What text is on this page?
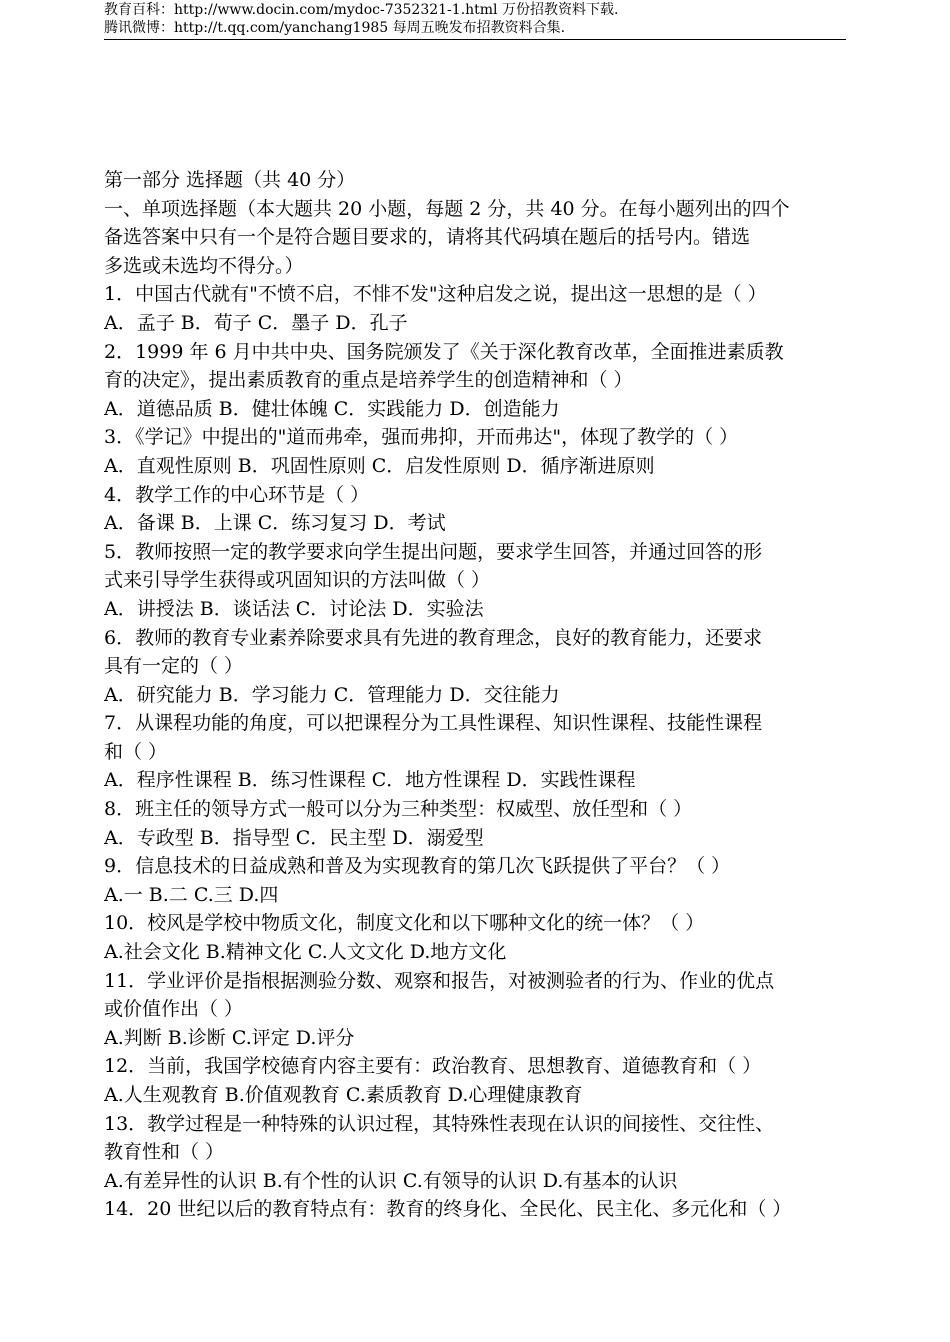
教育百科：http://www.docin.com/mydoc-7352321-1.html 万份招教资料下载.
腾讯微博：http://t.qq.com/yanchang1985 每周五晚发布招教资料合集.
第一部分 选择题（共 40 分）
一、单项选择题（本大题共 20 小题，每题 2 分，共 40 分。在每小题列出的四个
备选答案中只有一个是符合题目要求的，请将其代码填在题后的括号内。错选
多选或未选均不得分。）
1．中国古代就有"不愤不启，不悱不发"这种启发之说，提出这一思想的是（ ）
A．孟子 B．荀子 C．墨子 D．孔子
2．1999 年 6 月中共中央、国务院颁发了《关于深化教育改革，全面推进素质教
育的决定》，提出素质教育的重点是培养学生的创造精神和（ ）
A．道德品质 B．健壮体魄 C．实践能力 D．创造能力
3．《学记》中提出的"道而弗牵，强而弗抑，开而弗达"，体现了教学的（ ）
A．直观性原则 B．巩固性原则 C．启发性原则 D．循序渐进原则
4．教学工作的中心环节是（ ）
A．备课 B．上课 C．练习复习 D．考试
5．教师按照一定的教学要求向学生提出问题，要求学生回答，并通过回答的形
式来引导学生获得或巩固知识的方法叫做（ ）
A．讲授法 B．谈话法 C．讨论法 D．实验法
6．教师的教育专业素养除要求具有先进的教育理念，良好的教育能力，还要求
具有一定的（ ）
A．研究能力 B．学习能力 C．管理能力 D．交往能力
7．从课程功能的角度，可以把课程分为工具性课程、知识性课程、技能性课程
和（ ）
A．程序性课程 B．练习性课程 C．地方性课程 D．实践性课程
8．班主任的领导方式一般可以分为三种类型：权威型、放任型和（ ）
A．专政型 B．指导型 C．民主型 D．溺爱型
9．信息技术的日益成熟和普及为实现教育的第几次飞跃提供了平台？（ ）
A.一 B.二 C.三 D.四
10．校风是学校中物质文化，制度文化和以下哪种文化的统一体？（ ）
A.社会文化 B.精神文化 C.人文文化 D.地方文化
11．学业评价是指根据测验分数、观察和报告，对被测验者的行为、作业的优点
或价值作出（ ）
A.判断 B.诊断 C.评定 D.评分
12．当前，我国学校德育内容主要有：政治教育、思想教育、道德教育和（ ）
A.人生观教育 B.价值观教育 C.素质教育 D.心理健康教育
13．教学过程是一种特殊的认识过程，其特殊性表现在认识的间接性、交往性、
教育性和（ ）
A.有差异性的认识 B.有个性的认识 C.有领导的认识 D.有基本的认识
14．20 世纪以后的教育特点有：教育的终身化、全民化、民主化、多元化和（ ）
